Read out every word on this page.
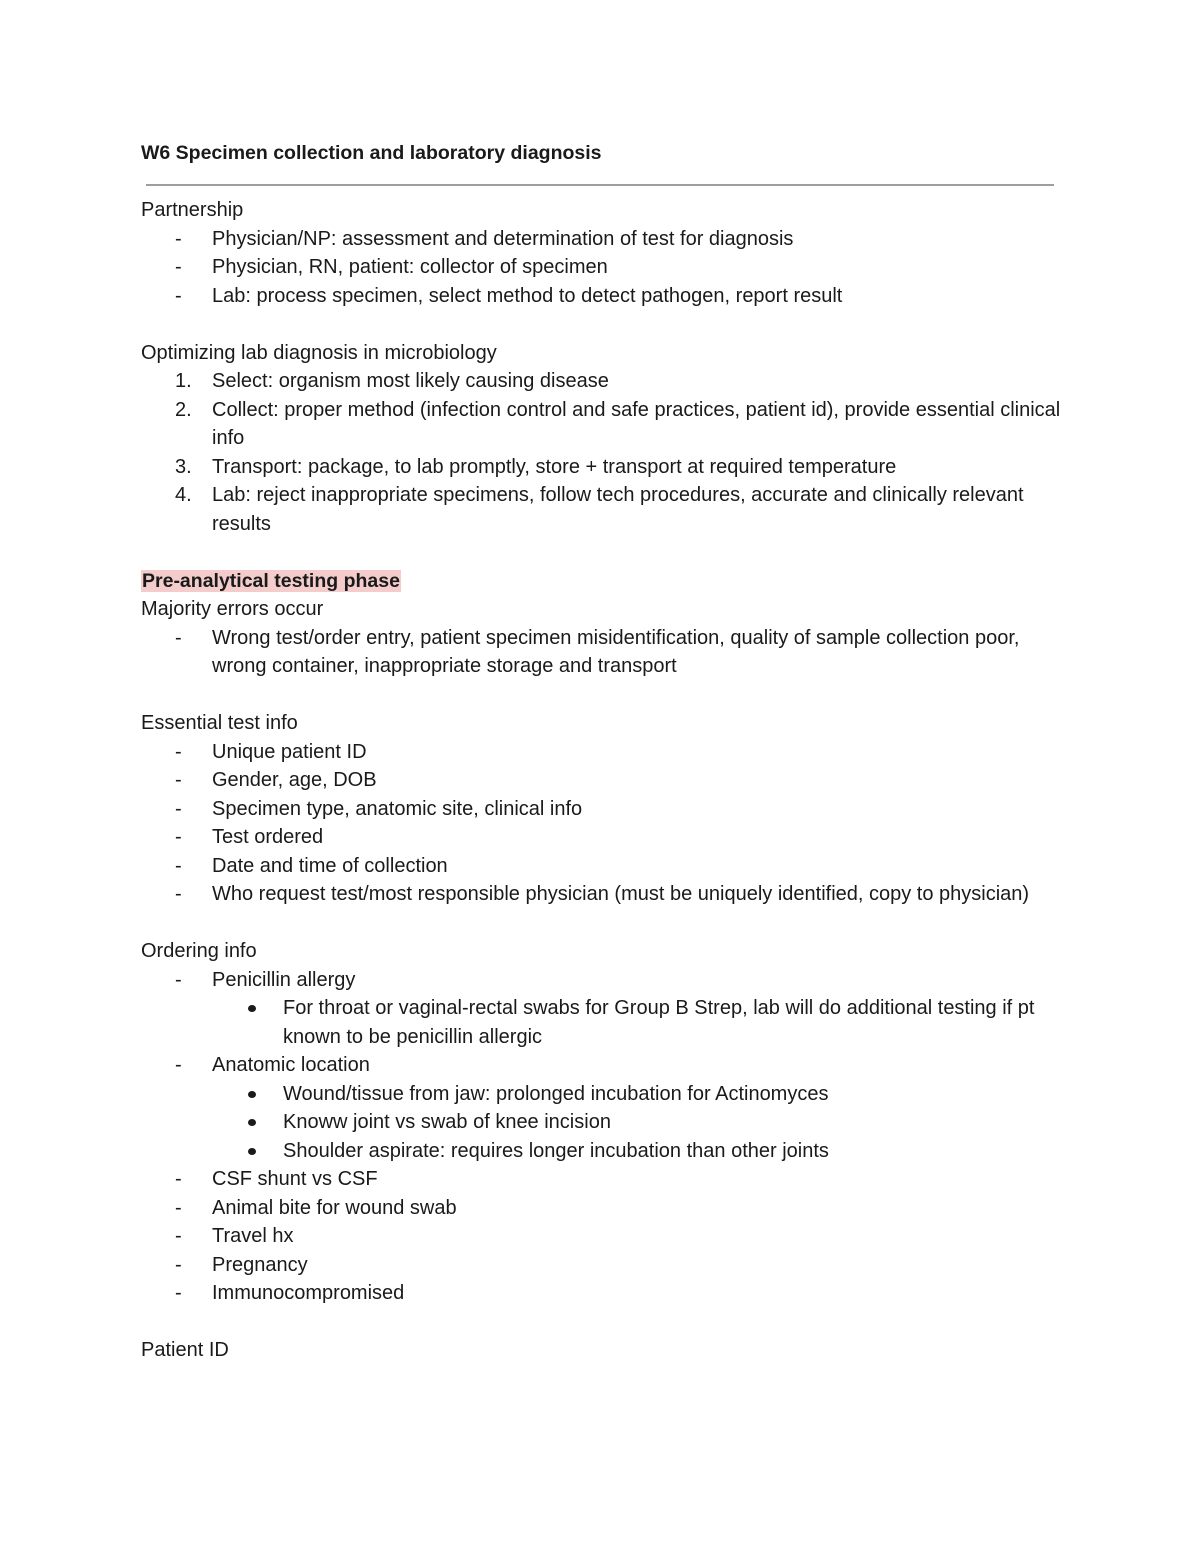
W6 Specimen collection and laboratory diagnosis

Partnership

-	Physician/NP: assessment and determination of test for diagnosis
-	Physician, RN, patient: collector of specimen
-	Lab: process specimen, select method to detect pathogen, report result

Optimizing lab diagnosis in microbiology

1.	Select: organism most likely causing disease
2.	Collect: proper method (infection control and safe practices, patient id), provide essential clinical info
3.	Transport: package, to lab promptly, store + transport at required temperature
4.	Lab: reject inappropriate specimens, follow tech procedures, accurate and clinically relevant results

Pre-analytical testing phase

Majority errors occur

-	Wrong test/order entry, patient specimen misidentification, quality of sample collection poor, wrong container, inappropriate storage and transport

Essential test info

-	Unique patient ID
-	Gender, age, DOB
-	Specimen type, anatomic site, clinical info
-	Test ordered
-	Date and time of collection
-	Who request test/most responsible physician (must be uniquely identified, copy to physician)

Ordering info

-	Penicillin allergy
For throat or vaginal-rectal swabs for Group B Strep, lab will do additional testing if pt known to be penicillin allergic
-	Anatomic location
Wound/tissue from jaw: prolonged incubation for Actinomyces
Knoww joint vs swab of knee incision
Shoulder aspirate: requires longer incubation than other joints
-	CSF shunt vs CSF
-	Animal bite for wound swab
-	Travel hx
-	Pregnancy
-	Immunocompromised

Patient ID
